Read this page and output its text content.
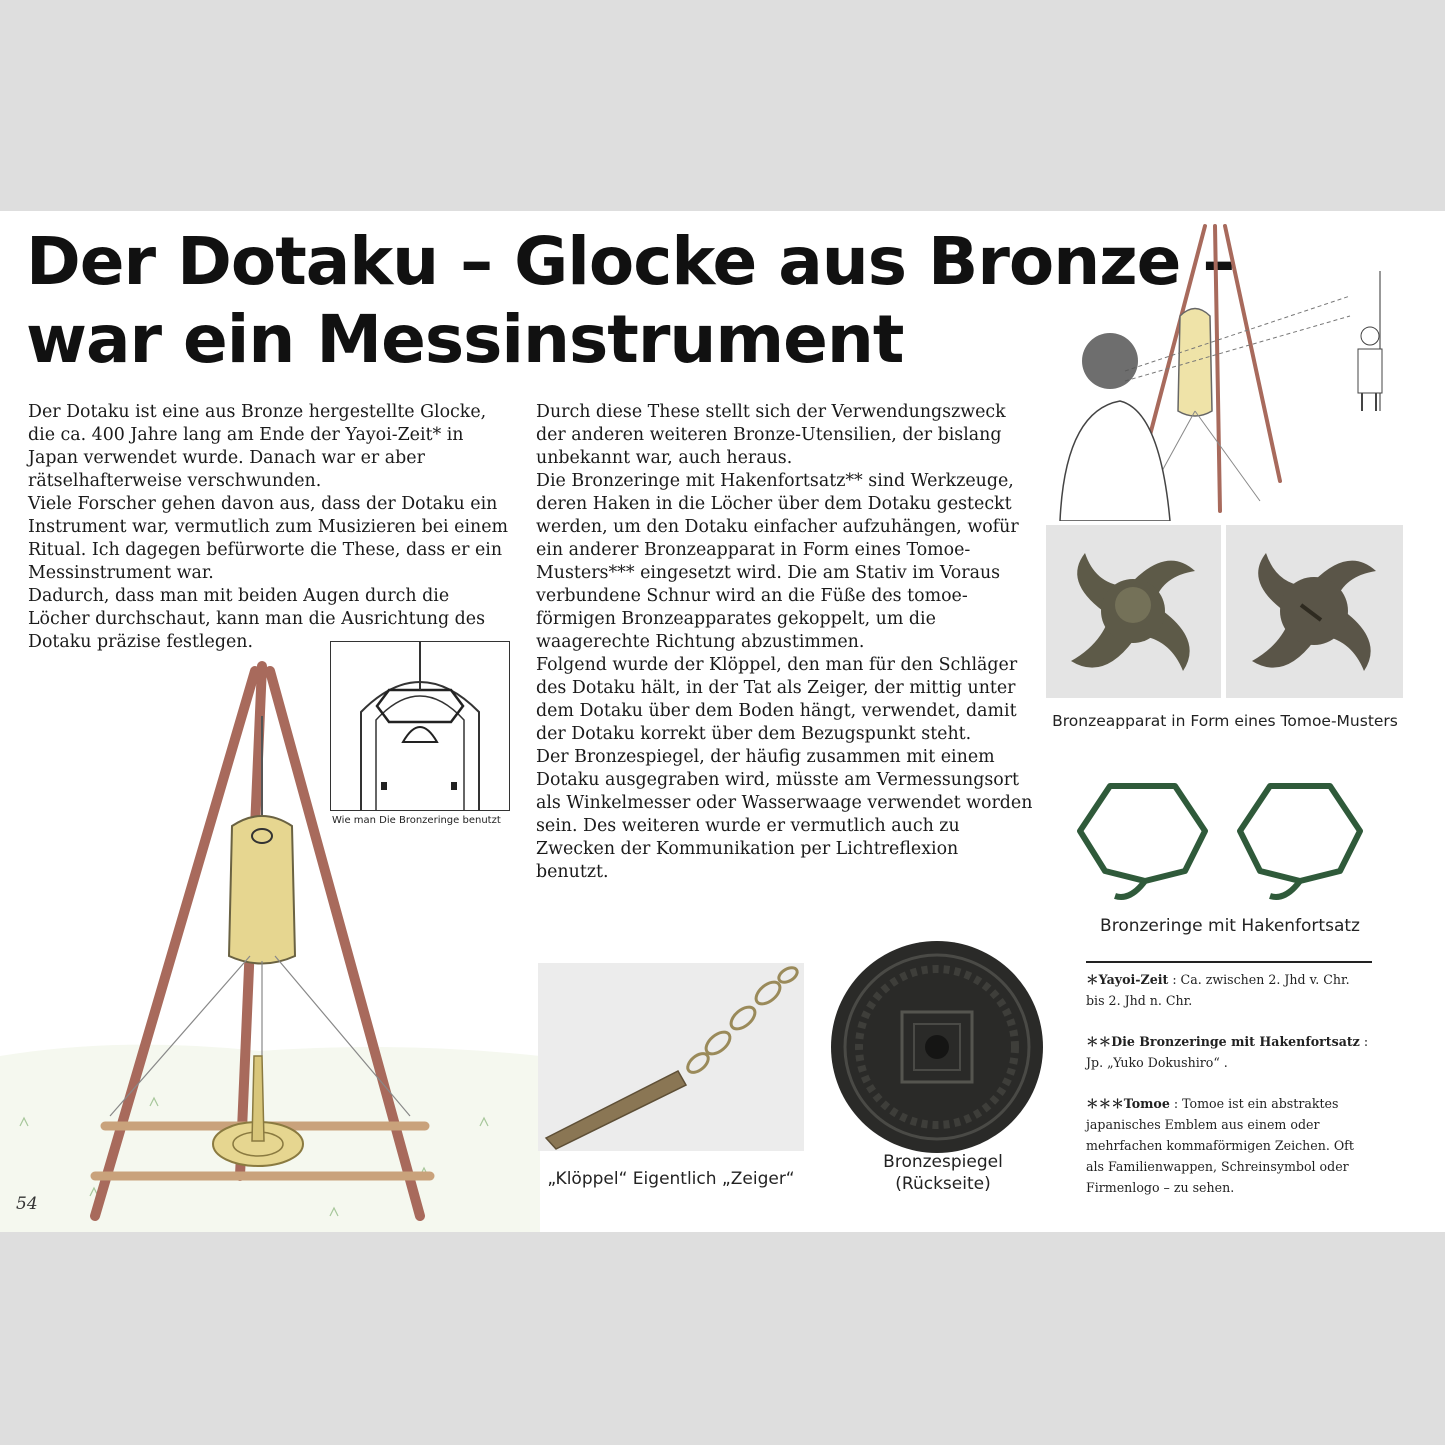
Der Dotaku – Glocke aus Bronze –
war ein Messinstrument

Der Dotaku ist eine aus Bronze hergestellte Glocke, die ca. 400 Jahre lang am Ende der Yayoi-Zeit* in Japan verwendet wurde. Danach war er aber rätselhafterweise verschwunden.

Viele Forscher gehen davon aus, dass der Dotaku ein Instrument war, vermutlich zum Musizieren bei einem Ritual. Ich dagegen befürworte die These, dass er ein Messinstrument war.

Dadurch, dass man mit beiden Augen durch die Löcher durchschaut, kann man die Ausrichtung des Dotaku präzise festlegen.

Durch diese These stellt sich der Verwendungszweck der anderen weiteren Bronze-Utensilien, der bislang unbekannt war, auch heraus.

Die Bronzeringe mit Hakenfortsatz** sind Werkzeuge, deren Haken in die Löcher über dem Dotaku gesteckt werden, um den Dotaku einfacher aufzuhängen, wofür ein anderer Bronzeapparat in Form eines Tomoe-Musters*** eingesetzt wird. Die am Stativ im Voraus verbundene Schnur wird an die Füße des tomoe-förmigen Bronzeapparates gekoppelt, um die waagerechte Richtung abzustimmen.

Folgend wurde der Klöppel, den man für den Schläger des Dotaku hält, in der Tat als Zeiger, der mittig unter dem Dotaku über dem Boden hängt, verwendet, damit der Dotaku korrekt über dem Bezugspunkt steht.

Der Bronzespiegel, der häufig zusammen mit einem Dotaku ausgegraben wird, müsste am Vermessungsort als Winkelmesser oder Wasserwaage verwendet worden sein. Des weiteren wurde er vermutlich auch zu Zwecken der Kommunikation per Lichtreflexion benutzt.

Wie man Die Bronzeringe benutzt
Bronzeapparat in Form eines Tomoe-Musters
Bronzeringe mit Hakenfortsatz
„Klöppel“ Eigentlich „Zeiger“
Bronzespiegel
(Rückseite)

＊Yayoi-Zeit : Ca. zwischen 2. Jhd v. Chr. bis 2. Jhd n. Chr.

＊＊Die Bronzeringe mit Hakenfortsatz : Jp. „Yuko Dokushiro“ .

＊＊＊Tomoe : Tomoe ist ein abstraktes japanisches Emblem aus einem oder mehrfachen kommaförmigen Zeichen. Oft als Familienwappen, Schreinsymbol oder Firmenlogo – zu sehen.

54
